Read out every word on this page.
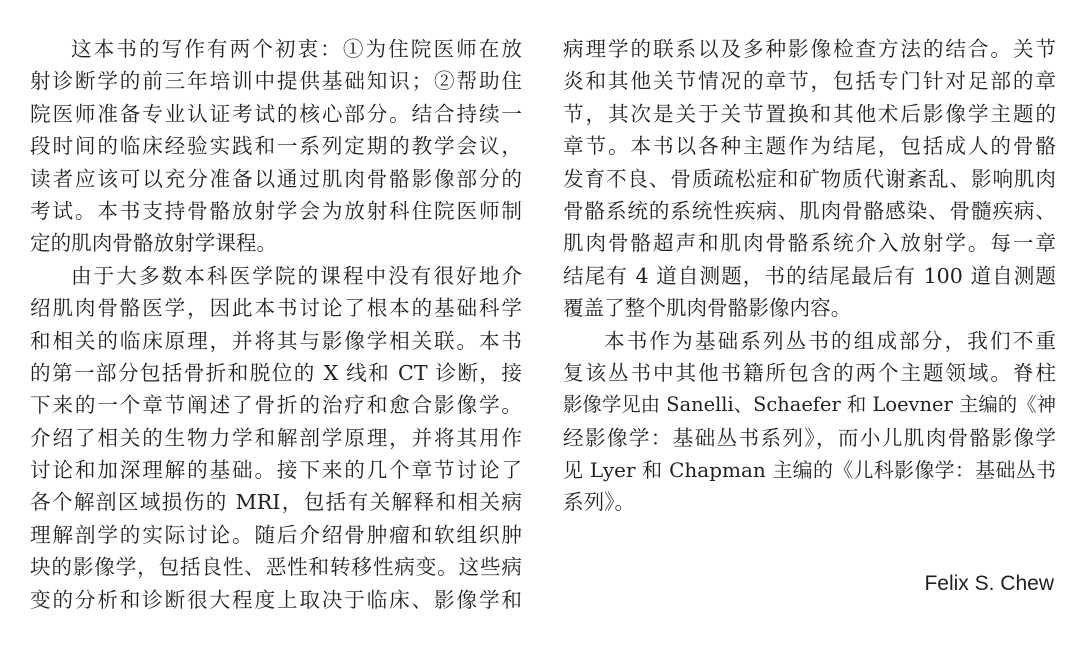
这本书的写作有两个初衷：①为住院医师在放
射诊断学的前三年培训中提供基础知识；②帮助住
院医师准备专业认证考试的核心部分。结合持续一
段时间的临床经验实践和一系列定期的教学会议，
读者应该可以充分准备以通过肌肉骨骼影像部分的
考试。本书支持骨骼放射学会为放射科住院医师制
定的肌肉骨骼放射学课程。
由于大多数本科医学院的课程中没有很好地介
绍肌肉骨骼医学，因此本书讨论了根本的基础科学
和相关的临床原理，并将其与影像学相关联。本书
的第一部分包括骨折和脱位的 X 线和 CT 诊断，接
下来的一个章节阐述了骨折的治疗和愈合影像学。
介绍了相关的生物力学和解剖学原理，并将其用作
讨论和加深理解的基础。接下来的几个章节讨论了
各个解剖区域损伤的 MRI，包括有关解释和相关病
理解剖学的实际讨论。随后介绍骨肿瘤和软组织肿
块的影像学，包括良性、恶性和转移性病变。这些病
变的分析和诊断很大程度上取决于临床、影像学和
病理学的联系以及多种影像检查方法的结合。关节
炎和其他关节情况的章节，包括专门针对足部的章
节，其次是关于关节置换和其他术后影像学主题的
章节。本书以各种主题作为结尾，包括成人的骨骼
发育不良、骨质疏松症和矿物质代谢紊乱、影响肌肉
骨骼系统的系统性疾病、肌肉骨骼感染、骨髓疾病、
肌肉骨骼超声和肌肉骨骼系统介入放射学。每一章
结尾有 4 道自测题，书的结尾最后有 100 道自测题
覆盖了整个肌肉骨骼影像内容。
本书作为基础系列丛书的组成部分，我们不重
复该丛书中其他书籍所包含的两个主题领域。脊柱
影像学见由 Sanelli、Schaefer 和 Loevner 主编的《神
经影像学：基础丛书系列》，而小儿肌肉骨骼影像学
见 Lyer 和 Chapman 主编的《儿科影像学：基础丛书
系列》。
Felix S. Chew
